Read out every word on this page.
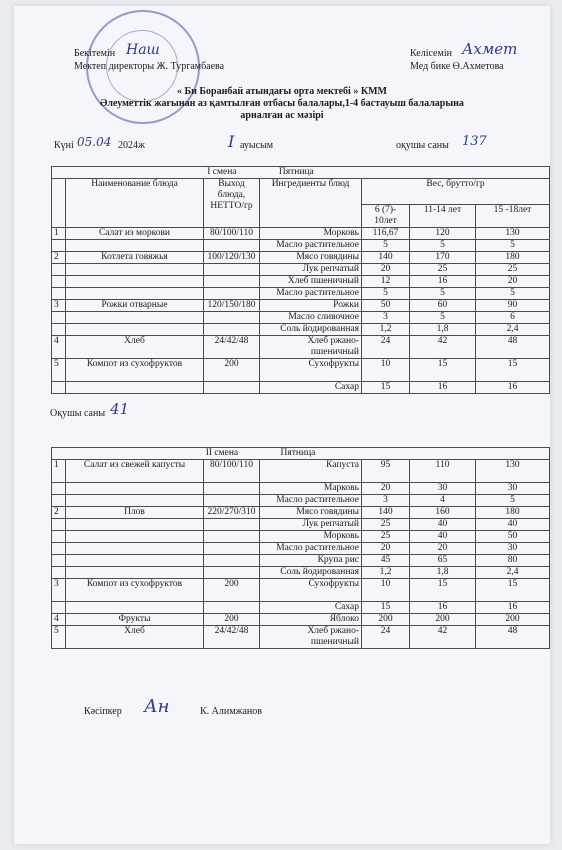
Бекітемін Наш
Мектеп директоры Ж. Тургамбаева
Келісемін Ахмет
Мед бике Ө.Ахметова
« Би Боранбай атындағы орта мектебі » КММ
Әлеуметтік жағынан аз қамтылған отбасы балалары,1-4 бастауыш балаларына
арналған ас мәзірі
Күні 05.04 2024ж	I ауысым	оқушы саны 137
I смена Пятница						
	Наименование блюда	Выход блюда, НЕТТО/гр	Ингредиенты блюд	Вес, брутто/гр		
				6 (7)-
10лет	11-14 лет	15 -18лет
1	Салат из моркови	80/100/110	Морковь	116,67	120	130
			Масло растительное	5	5	5
2	Котлета говяжья	100/120/130	Мясо говядины	140	170	180
			Лук репчатый	20	25	25
			Хлеб пшеничный	12	16	20
			Масло растительное	5	5	5
3	Рожки отварные	120/150/180	Рожки	50	60	90
			Масло сливочное	3	5	6
			Соль йодированная	1,2	1,8	2,4
4	Хлеб	24/42/48	Хлеб ржано-пшеничный	24	42	48
5	Компот из сухофруктов	200	Сухофрукты	10	15	15
			Сахар	15	16	16
Оқушы саны 41
II смена Пятница						
1	Салат из свежей капусты	80/100/110	Капуста	95	110	130
			Марковь	20	30	30
			Масло растительное	3	4	5
2	Плов	220/270/310	Мясо говядины	140	160	180
			Лук репчатый	25	40	40
			Морковь	25	40	50
			Масло растительное	20	20	30
			Крупа рис	45	65	80
			Соль йодированная	1,2	1,8	2,4
3	Компот из сухофруктов	200	Сухофрукты	10	15	15
			Сахар	15	16	16
4	Фрукты	200	Яблоко	200	200	200
5	Хлеб	24/42/48	Хлеб ржано-пшеничный	24	42	48
Кәсіпкер Ан	К. Алимжанов
